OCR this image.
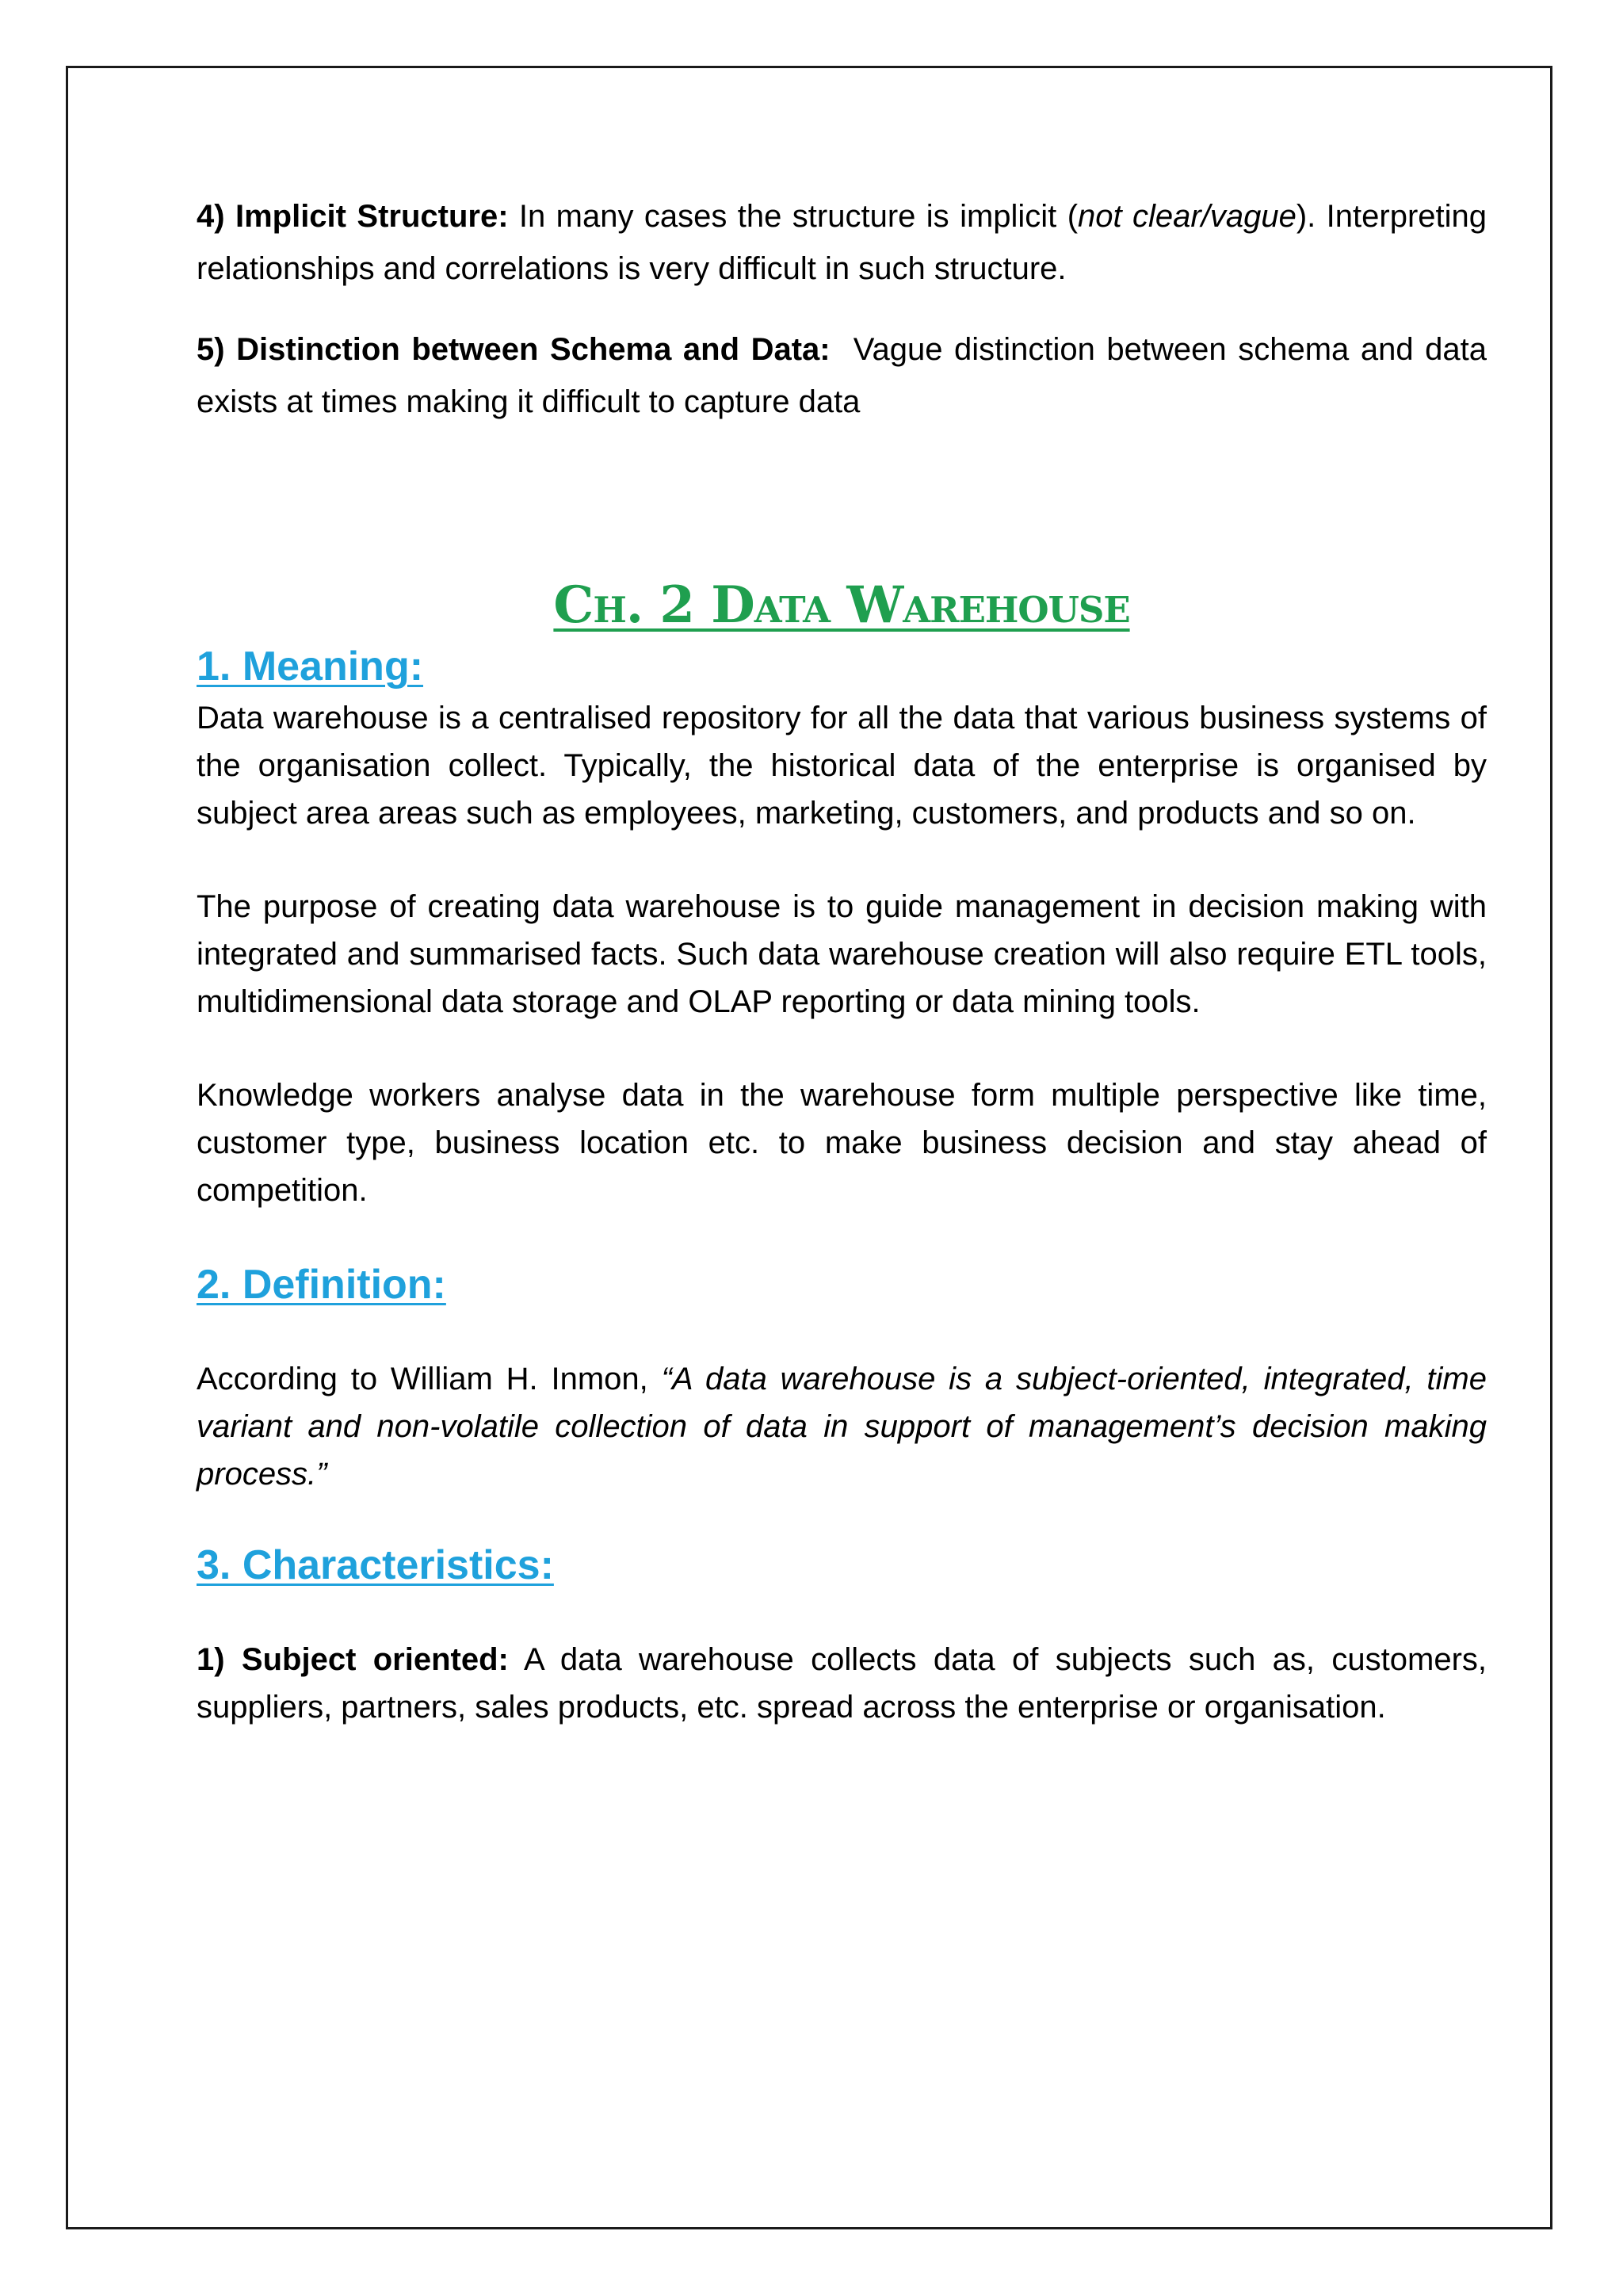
4) Implicit Structure: In many cases the structure is implicit (not clear/vague). Interpreting relationships and correlations is very difficult in such structure.

5) Distinction between Schema and Data:  Vague distinction between schema and data exists at times making it difficult to capture data

Ch. 2 Data Warehouse
1. Meaning:

Data warehouse is a centralised repository for all the data that various business systems of the organisation collect. Typically, the historical data of the enterprise is organised by subject area areas such as employees, marketing, customers, and products and so on.

The purpose of creating data warehouse is to guide management in decision making with integrated and summarised facts. Such data warehouse creation will also require ETL tools, multidimensional data storage and OLAP reporting or data mining tools.

Knowledge workers analyse data in the warehouse form multiple perspective like time, customer type, business location etc. to make business decision and stay ahead of competition.

2. Definition:

According to William H. Inmon, “A data warehouse is a subject-oriented, integrated, time variant and non-volatile collection of data in support of management’s decision making process.”

3. Characteristics:

1) Subject oriented: A data warehouse collects data of subjects such as, customers, suppliers, partners, sales products, etc. spread across the enterprise or organisation.
